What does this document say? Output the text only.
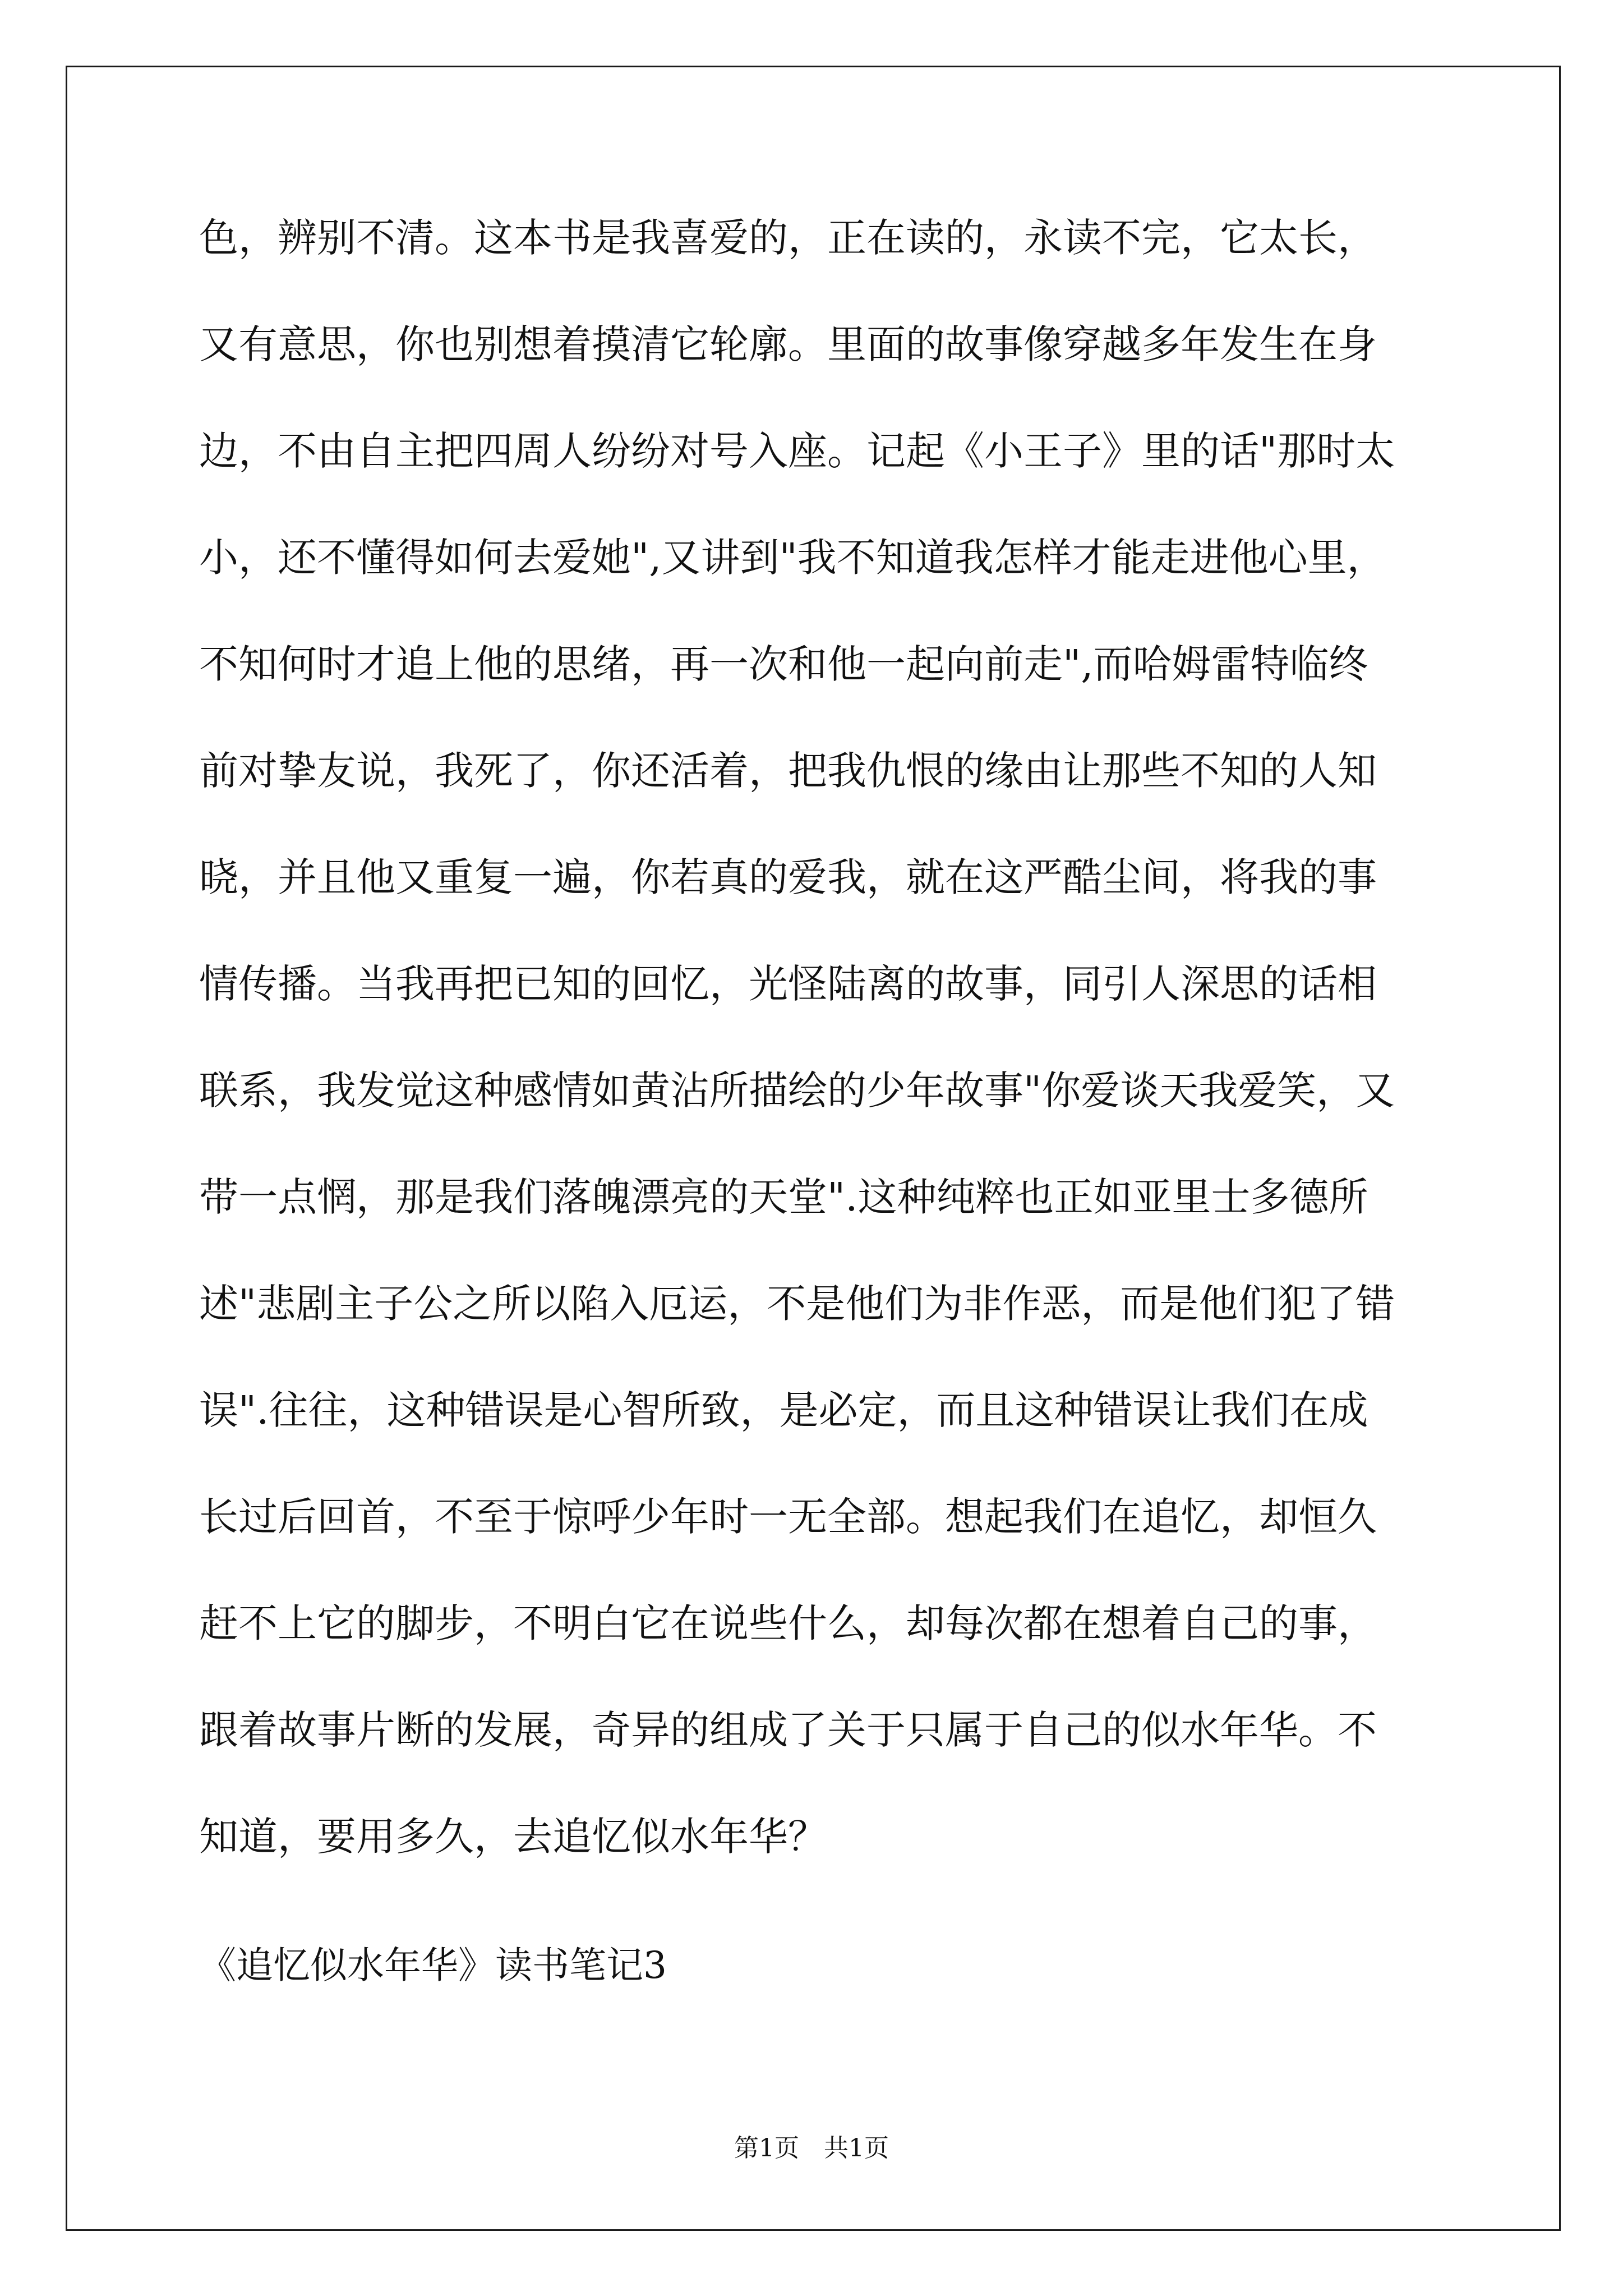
色，辨别不清。这本书是我喜爱的，正在读的，永读不完，它太长，
又有意思，你也别想着摸清它轮廓。里面的故事像穿越多年发生在身
边，不由自主把四周人纷纷对号入座。记起《小王子》里的话"那时太
小，还不懂得如何去爱她",又讲到"我不知道我怎样才能走进他心里，
不知何时才追上他的思绪，再一次和他一起向前走",而哈姆雷特临终
前对挚友说，我死了，你还活着，把我仇恨的缘由让那些不知的人知
晓，并且他又重复一遍，你若真的爱我，就在这严酷尘间，将我的事
情传播。当我再把已知的回忆，光怪陆离的故事，同引人深思的话相
联系，我发觉这种感情如黄沾所描绘的少年故事"你爱谈天我爱笑，又
带一点惘，那是我们落魄漂亮的天堂".这种纯粹也正如亚里士多德所
述"悲剧主子公之所以陷入厄运，不是他们为非作恶，而是他们犯了错
误".往往，这种错误是心智所致，是必定，而且这种错误让我们在成
长过后回首，不至于惊呼少年时一无全部。想起我们在追忆，却恒久
赶不上它的脚步，不明白它在说些什么，却每次都在想着自己的事，
跟着故事片断的发展，奇异的组成了关于只属于自己的似水年华。不
知道，要用多久，去追忆似水年华？
《追忆似水年华》读书笔记3
第1页　共1页
